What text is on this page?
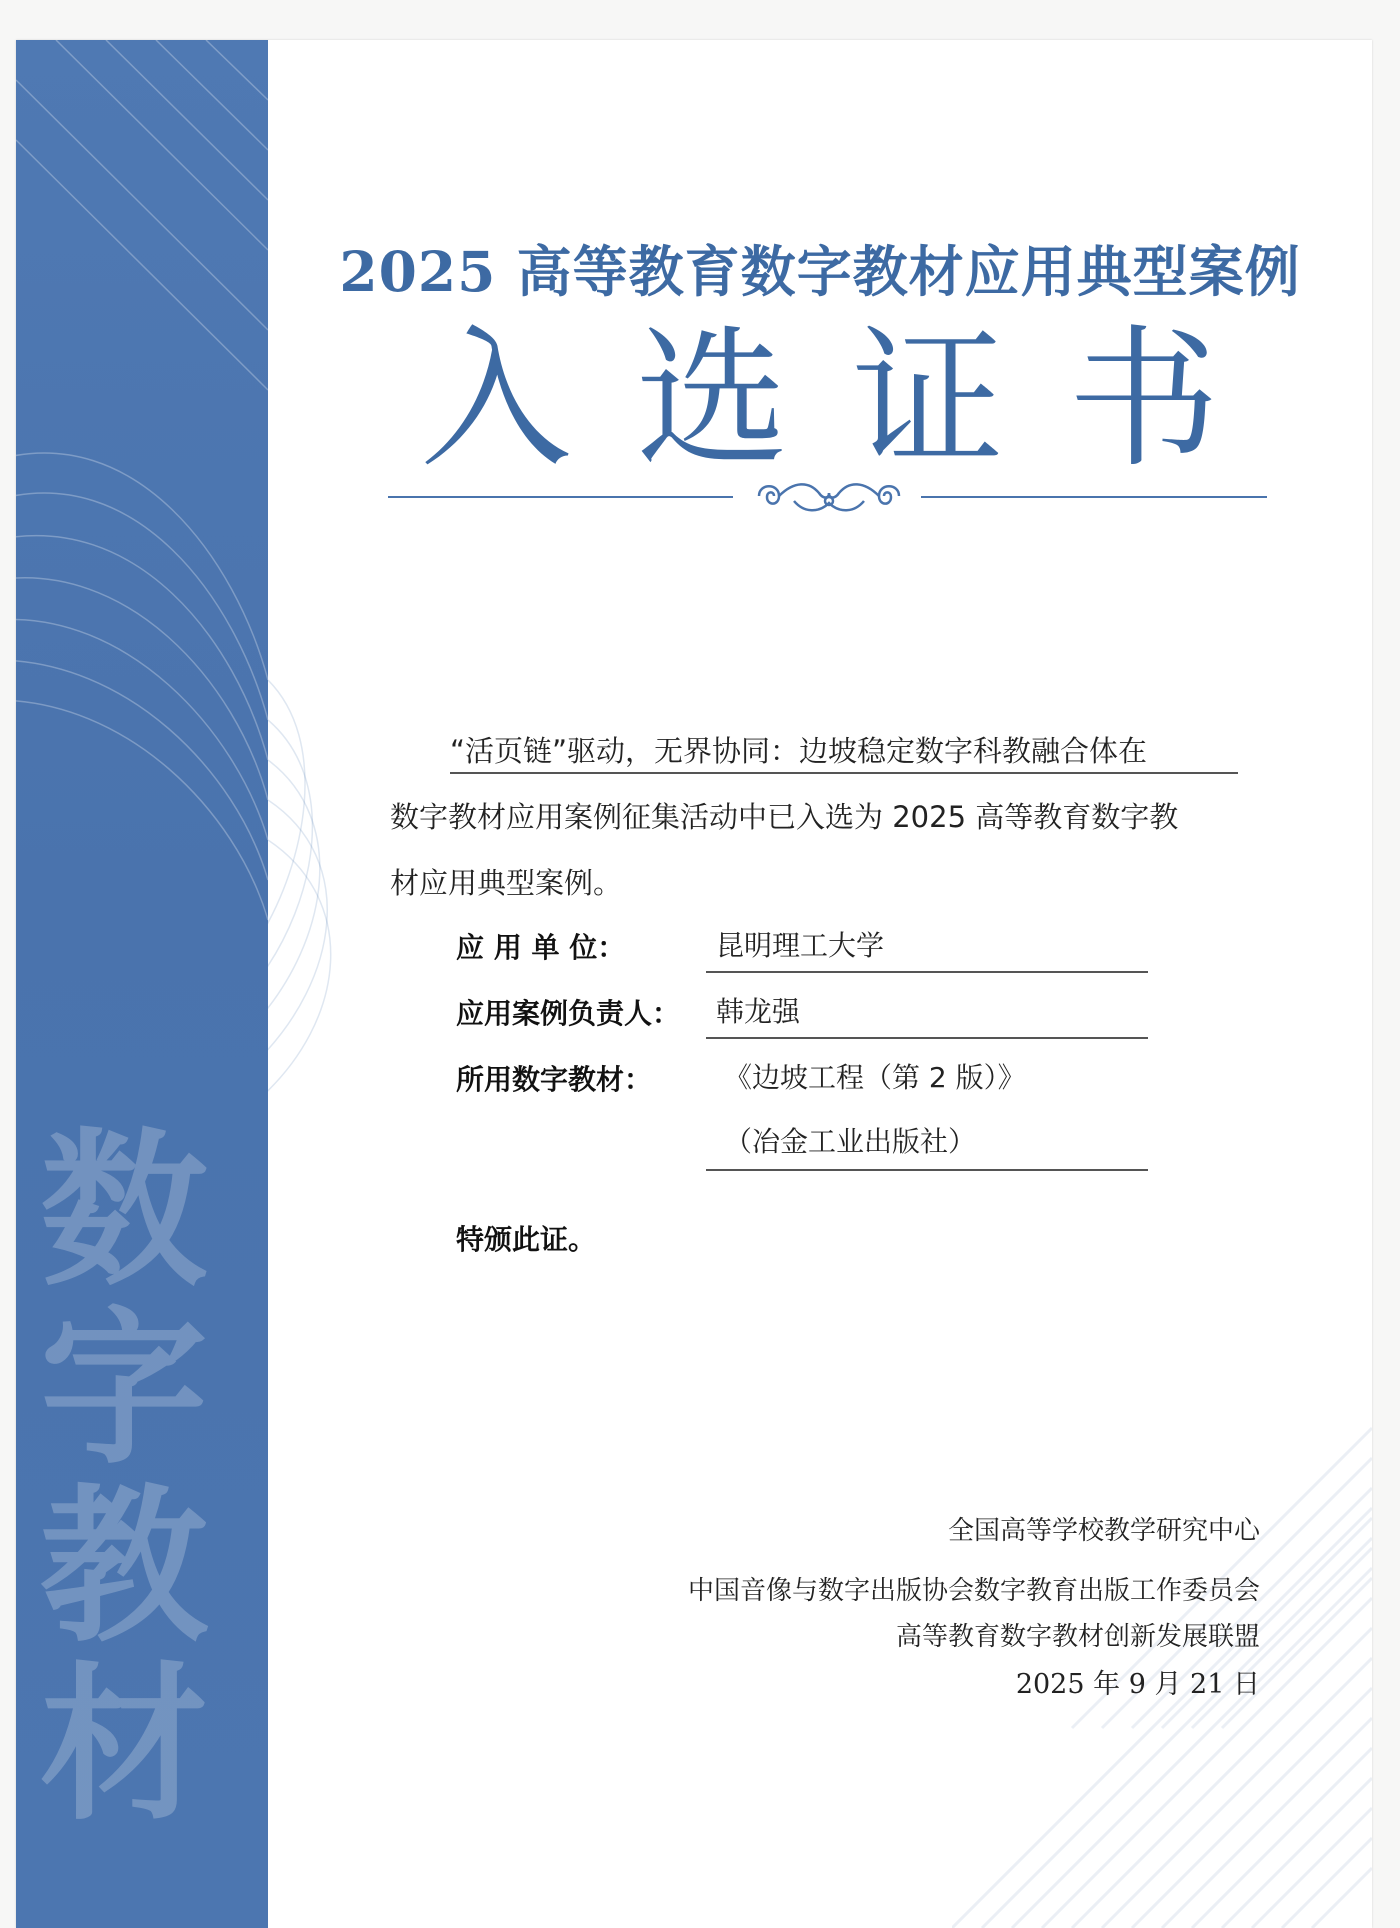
数
字
教
材
2025 高等教育数字教材应用典型案例
入选证书
“活页链”驱动，无界协同：边坡稳定数字科教融合体在
数字教材应用案例征集活动中已入选为 2025 高等教育数字教
材应用典型案例。
应 用 单 位：	昆明理工大学
应用案例负责人： 韩龙强
所用数字教材：	《边坡工程（第 2 版）》
（冶金工业出版社）
特颁此证。
全国高等学校教学研究中心
中国音像与数字出版协会数字教育出版工作委员会
高等教育数字教材创新发展联盟
2025 年 9 月 21 日
